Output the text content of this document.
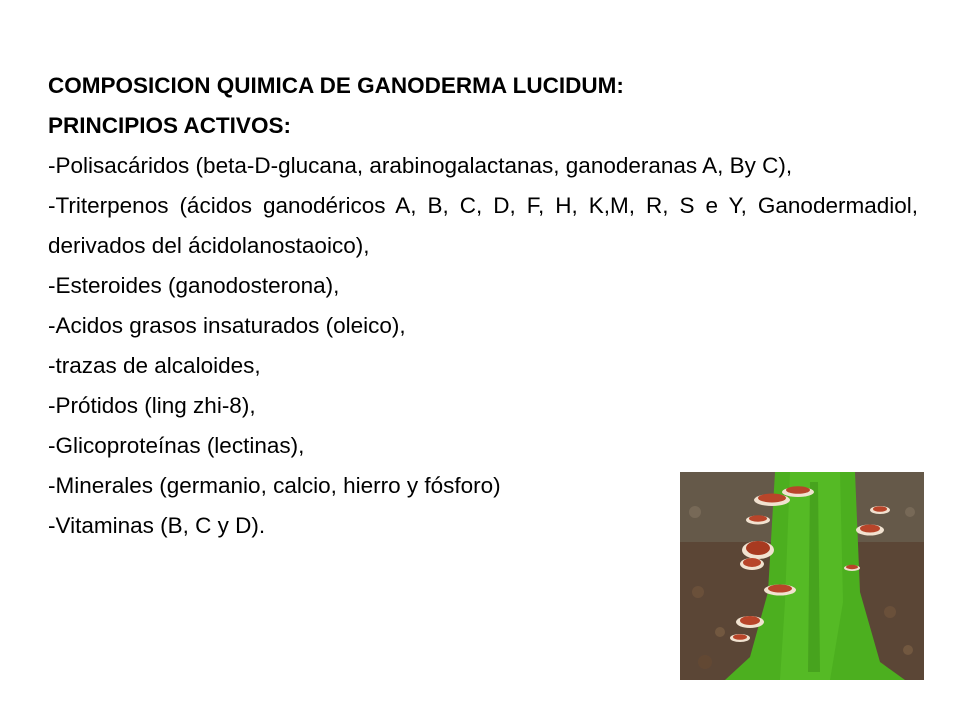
COMPOSICION QUIMICA DE GANODERMA LUCIDUM:

PRINCIPIOS ACTIVOS:

-Polisacáridos (beta-D-glucana, arabinogalactanas, ganoderanas A, By C),

-Triterpenos (ácidos ganodéricos A, B, C, D, F, H, K,M, R, S e Y, Ganodermadiol, derivados del ácidolanostaoico),

-Esteroides (ganodosterona),

-Acidos grasos insaturados (oleico),

-trazas de alcaloides,

-Prótidos (ling zhi-8),

-Glicoproteínas (lectinas),

-Minerales (germanio, calcio, hierro y fósforo)

-Vitaminas (B, C y D).
